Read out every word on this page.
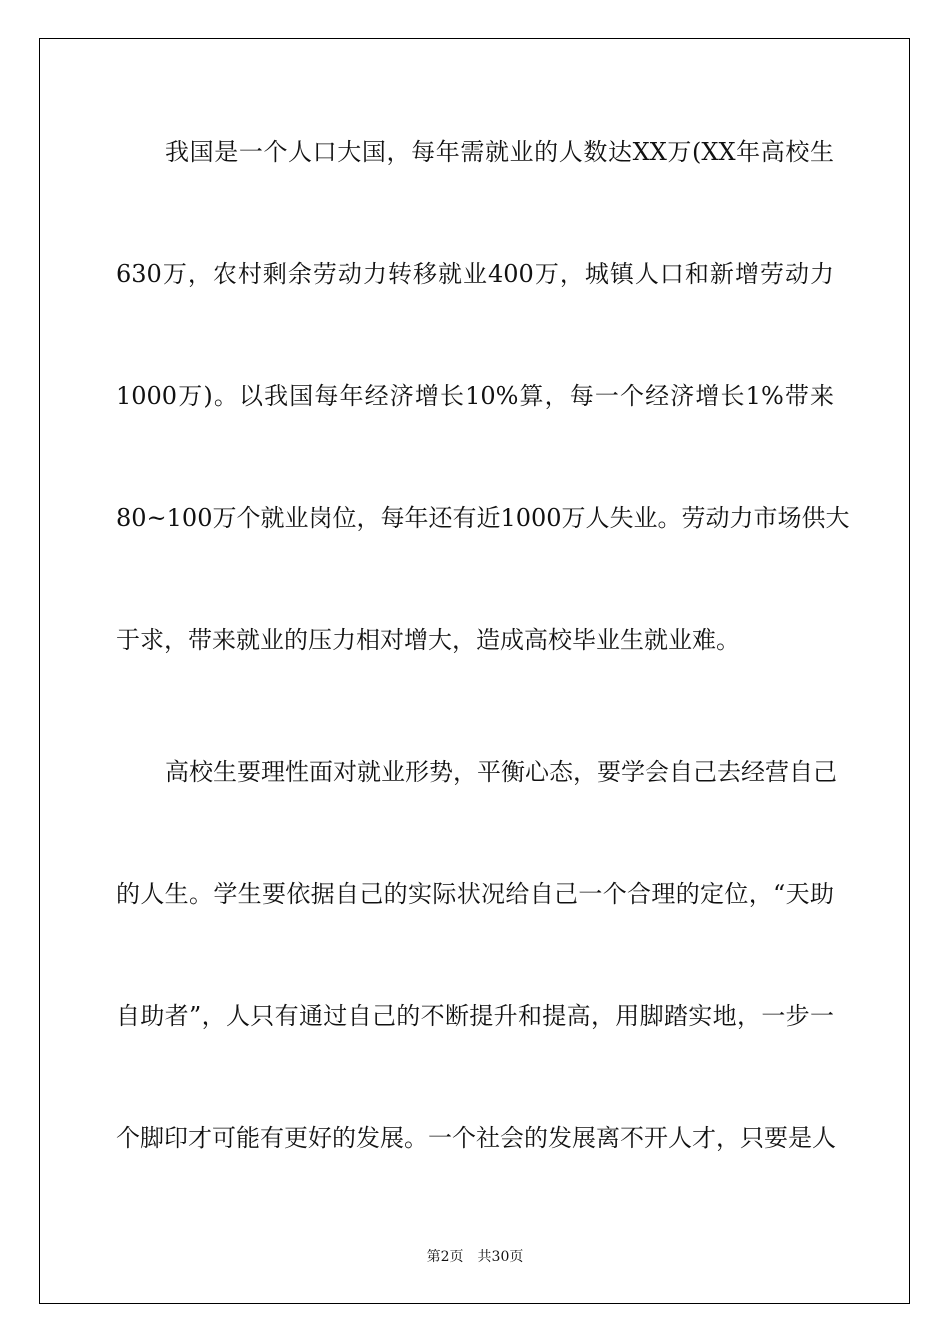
我国是一个人口大国，每年需就业的人数达XX万(XX年高校生

630万，农村剩余劳动力转移就业400万，城镇人口和新增劳动力

1000万)。以我国每年经济增长10%算，每一个经济增长1%带来

80~100万个就业岗位，每年还有近1000万人失业。劳动力市场供大

于求，带来就业的压力相对增大，造成高校毕业生就业难。

高校生要理性面对就业形势，平衡心态，要学会自己去经营自己

的人生。学生要依据自己的实际状况给自己一个合理的定位，“天助

自助者”，人只有通过自己的不断提升和提高，用脚踏实地，一步一

个脚印才可能有更好的发展。一个社会的发展离不开人才，只要是人

第2页 共30页
